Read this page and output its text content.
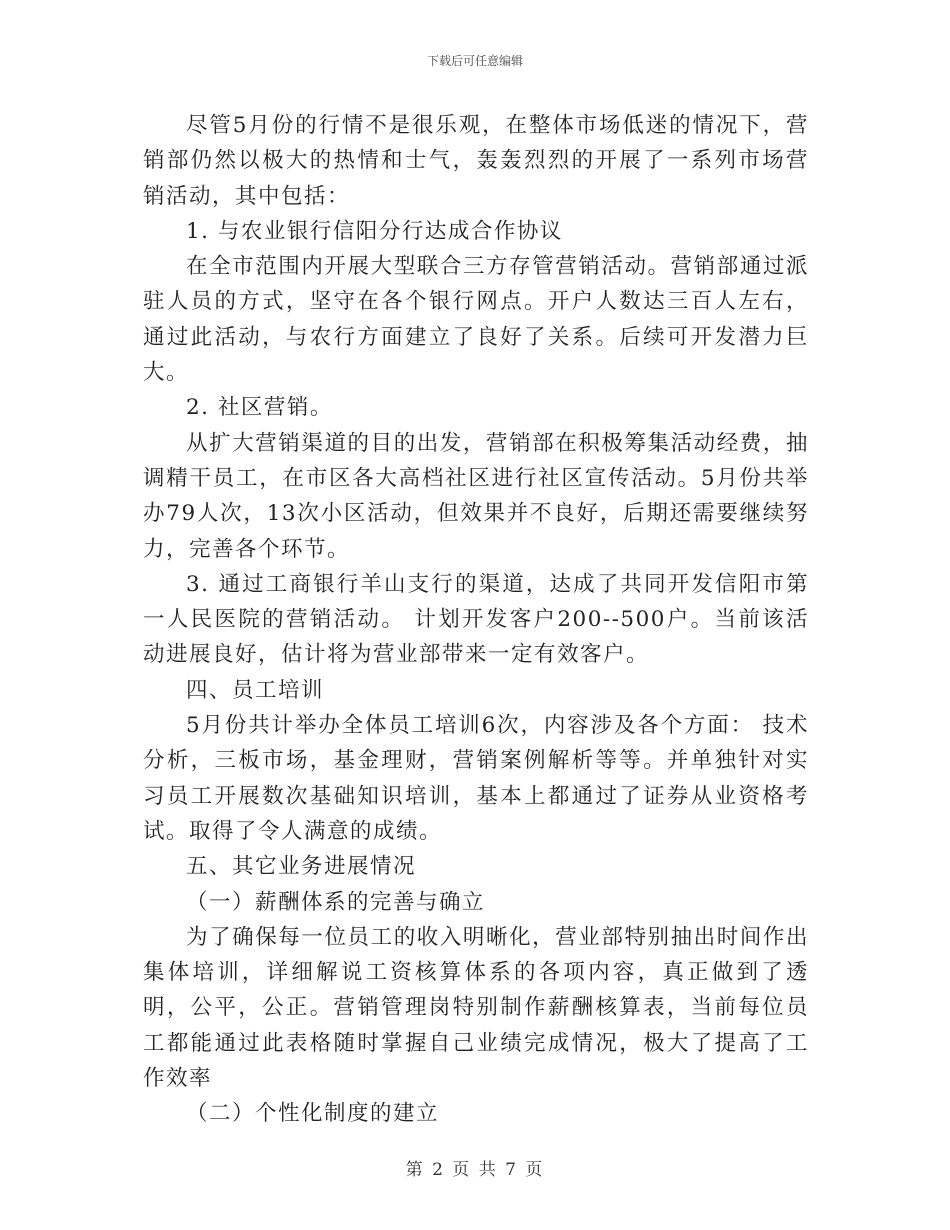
下载后可任意编辑

尽管5月份的行情不是很乐观，在整体市场低迷的情况下，营销部仍然以极大的热情和士气，轰轰烈烈的开展了一系列市场营销活动，其中包括：

1. 与农业银行信阳分行达成合作协议

在全市范围内开展大型联合三方存管营销活动。营销部通过派驻人员的方式，坚守在各个银行网点。开户人数达三百人左右，通过此活动，与农行方面建立了良好了关系。后续可开发潜力巨大。

2. 社区营销。

从扩大营销渠道的目的出发，营销部在积极筹集活动经费，抽调精干员工，在市区各大高档社区进行社区宣传活动。5月份共举办79人次，13次小区活动，但效果并不良好，后期还需要继续努力，完善各个环节。

3. 通过工商银行羊山支行的渠道，达成了共同开发信阳市第一人民医院的营销活动。 计划开发客户200--500户。当前该活动进展良好，估计将为营业部带来一定有效客户。

四、员工培训

5月份共计举办全体员工培训6次，内容涉及各个方面： 技术分析，三板市场，基金理财，营销案例解析等等。并单独针对实习员工开展数次基础知识培训，基本上都通过了证券从业资格考试。取得了令人满意的成绩。

五、其它业务进展情况

（一）薪酬体系的完善与确立

为了确保每一位员工的收入明晰化，营业部特别抽出时间作出集体培训，详细解说工资核算体系的各项内容，真正做到了透明，公平，公正。营销管理岗特别制作薪酬核算表，当前每位员工都能通过此表格随时掌握自己业绩完成情况，极大了提高了工作效率

（二）个性化制度的建立

第 2 页 共 7 页
